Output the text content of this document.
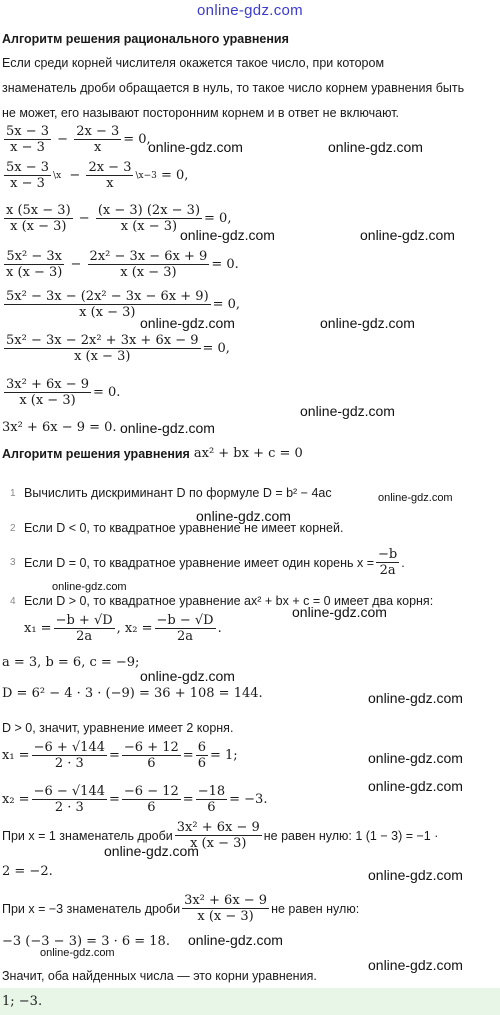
online-gdz.com
Алгоритм решения рационального уравнения
Если среди корней числителя окажется такое число, при котором
знаменатель дроби обращается в нуль, то такое число корнем уравнения быть
не может, его называют посторонним корнем и в ответ не включают.
$\frac{5x - 3}{x - 3} - \frac{2x - 3}{x} = 0$,
online-gdz.com	online-gdz.com
$\frac{5x - 3}{x - 3}$ \x − $\frac{2x - 3}{x}$ \x−3
= 0,
$\frac{x (5x - 3)}{x (x - 3)} - \frac{(x - 3) (2x - 3)}{x (x - 3)} = 0$,
online-gdz.com	online-gdz.com
$\frac{\text{5x² − 3x}}{x (x - 3)} - \frac{\text{2x² − 3x − 6x + 9}}{x (x - 3)} = 0$.
$\frac{\text{5x² − 3x − (2x² − 3x − 6x + 9)}}{x (x - 3)} = 0$,
online-gdz.com	online-gdz.com
$\frac{\text{5x² − 3x − 2x² + 3x + 6x − 9}}{x (x - 3)} = 0$,
$\frac{\text{3x² + 6x − 9}}{x (x - 3)} = 0$.
online-gdz.com
3x² + 6x − 9 = 0. online-gdz.com
Алгоритм решения уравнения ax² + bx + c = 0
1 Вычислить дискриминант D по формуле D = b² − 4ac	online-gdz.com
online-gdz.com
2 Если D < 0, то квадратное уравнение не имеет корней.
3 Если D = 0, то квадратное уравнение имеет один корень $x = \frac{-b}{2a}$ .
online-gdz.com
4 Если D > 0, то квадратное уравнение ax² + bx + c = 0 имеет два корня:
$x_1 = \frac{-b + √D}{2a}$ , $x_2 = \frac{-b - √D}{2a}$ .
online-gdz.com
a = 3, b = 6, c = −9;
online-gdz.com
D = 6² − 4 · 3 · (−9) = 36 + 108 = 144.	online-gdz.com
D > 0, значит, уравнение имеет 2 корня.
$x_1 = \frac{-6 + √144}{2 \cdot 3} = \frac{-6 + 12}{6} = \frac{6}{6} = 1$;	online-gdz.com
$x_2 = \frac{-6 - √144}{2 \cdot 3} = \frac{-6 - 12}{6} = \frac{-18}{6} = -3$.
online-gdz.com
При x = 1 знаменатель дроби $\frac{\text{3x² + 6x − 9}}{x (x - 3)}$ не равен нулю: 1 (1 − 3) = −1 ·
online-gdz.com
2 = −2.	online-gdz.com
При x = −3 знаменатель дроби $\frac{\text{3x² + 6x − 9}}{x (x - 3)}$ не равен нулю:
−3 (−3 − 3) = 3 · 6 = 18. online-gdz.com
online-gdz.com
Значит, оба найденных числа — это корни уравнения.
online-gdz.com
1; −3.
